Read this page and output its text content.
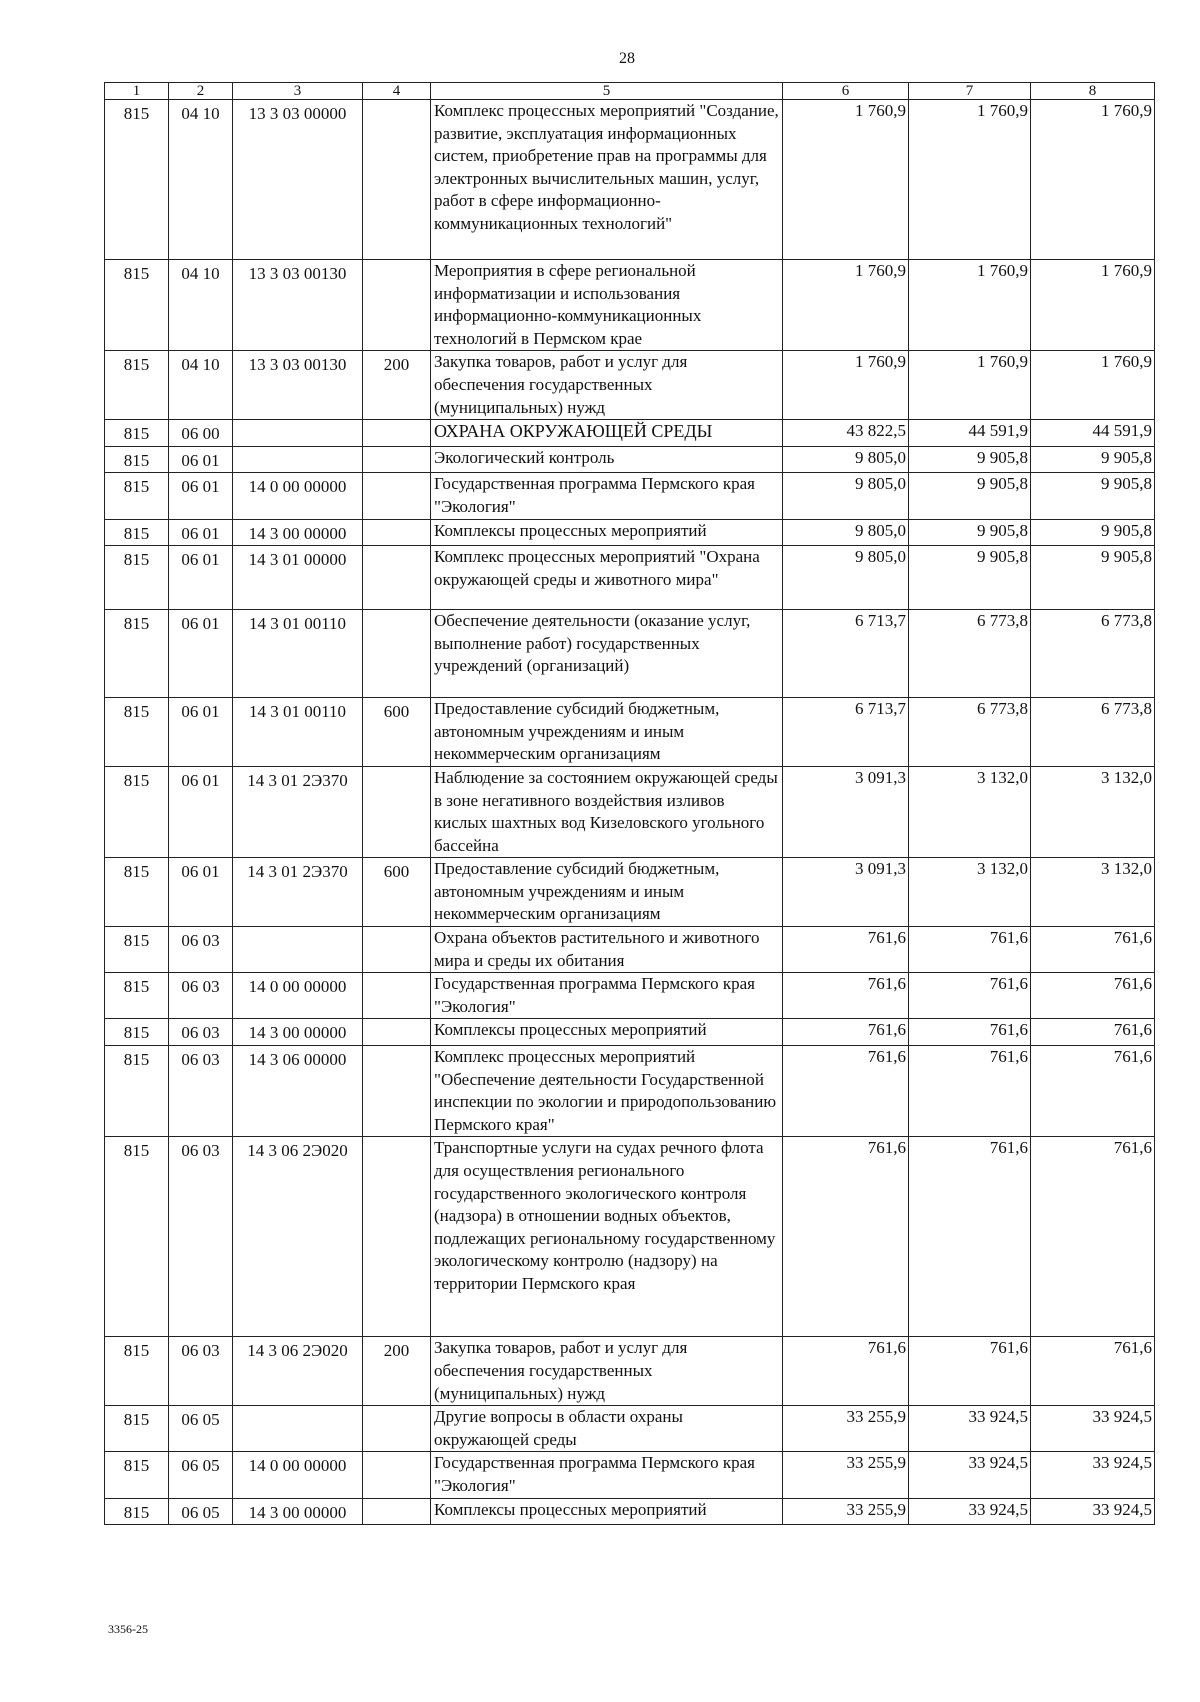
28
1	2	3	4	5	6	7	8
815	04 10	13 3 03 00000		Комплекс процессных мероприятий "Создание, развитие, эксплуатация информационных систем, приобретение прав на программы для электронных вычислительных машин, услуг, работ в сфере информационно-коммуникационных технологий"	1 760,9	1 760,9	1 760,9
815	04 10	13 3 03 00130		Мероприятия в сфере региональной информатизации и использования информационно-коммуникационных технологий в Пермском крае	1 760,9	1 760,9	1 760,9
815	04 10	13 3 03 00130	200	Закупка товаров, работ и услуг для обеспечения государственных (муниципальных) нужд	1 760,9	1 760,9	1 760,9
815	06 00			ОХРАНА ОКРУЖАЮЩЕЙ СРЕДЫ	43 822,5	44 591,9	44 591,9
815	06 01			Экологический контроль	9 805,0	9 905,8	9 905,8
815	06 01	14 0 00 00000		Государственная программа Пермского края "Экология"	9 805,0	9 905,8	9 905,8
815	06 01	14 3 00 00000		Комплексы процессных мероприятий	9 805,0	9 905,8	9 905,8
815	06 01	14 3 01 00000		Комплекс процессных мероприятий "Охрана окружающей среды и животного мира"	9 805,0	9 905,8	9 905,8
815	06 01	14 3 01 00110		Обеспечение деятельности (оказание услуг, выполнение работ) государственных учреждений (организаций)	6 713,7	6 773,8	6 773,8
815	06 01	14 3 01 00110	600	Предоставление субсидий бюджетным, автономным учреждениям и иным некоммерческим организациям	6 713,7	6 773,8	6 773,8
815	06 01	14 3 01 2Э370		Наблюдение за состоянием окружающей среды в зоне негативного воздействия изливов кислых шахтных вод Кизеловского угольного бассейна	3 091,3	3 132,0	3 132,0
815	06 01	14 3 01 2Э370	600	Предоставление субсидий бюджетным, автономным учреждениям и иным некоммерческим организациям	3 091,3	3 132,0	3 132,0
815	06 03			Охрана объектов растительного и животного мира и среды их обитания	761,6	761,6	761,6
815	06 03	14 0 00 00000		Государственная программа Пермского края "Экология"	761,6	761,6	761,6
815	06 03	14 3 00 00000		Комплексы процессных мероприятий	761,6	761,6	761,6
815	06 03	14 3 06 00000		Комплекс процессных мероприятий "Обеспечение деятельности Государственной инспекции по экологии и природопользованию Пермского края"	761,6	761,6	761,6
815	06 03	14 3 06 2Э020		Транспортные услуги на судах речного флота для осуществления регионального государственного экологического контроля (надзора) в отношении водных объектов, подлежащих региональному государственному экологическому контролю (надзору) на территории Пермского края	761,6	761,6	761,6
815	06 03	14 3 06 2Э020	200	Закупка товаров, работ и услуг для обеспечения государственных (муниципальных) нужд	761,6	761,6	761,6
815	06 05			Другие вопросы в области охраны окружающей среды	33 255,9	33 924,5	33 924,5
815	06 05	14 0 00 00000		Государственная программа Пермского края "Экология"	33 255,9	33 924,5	33 924,5
815	06 05	14 3 00 00000		Комплексы процессных мероприятий	33 255,9	33 924,5	33 924,5
3356-25
